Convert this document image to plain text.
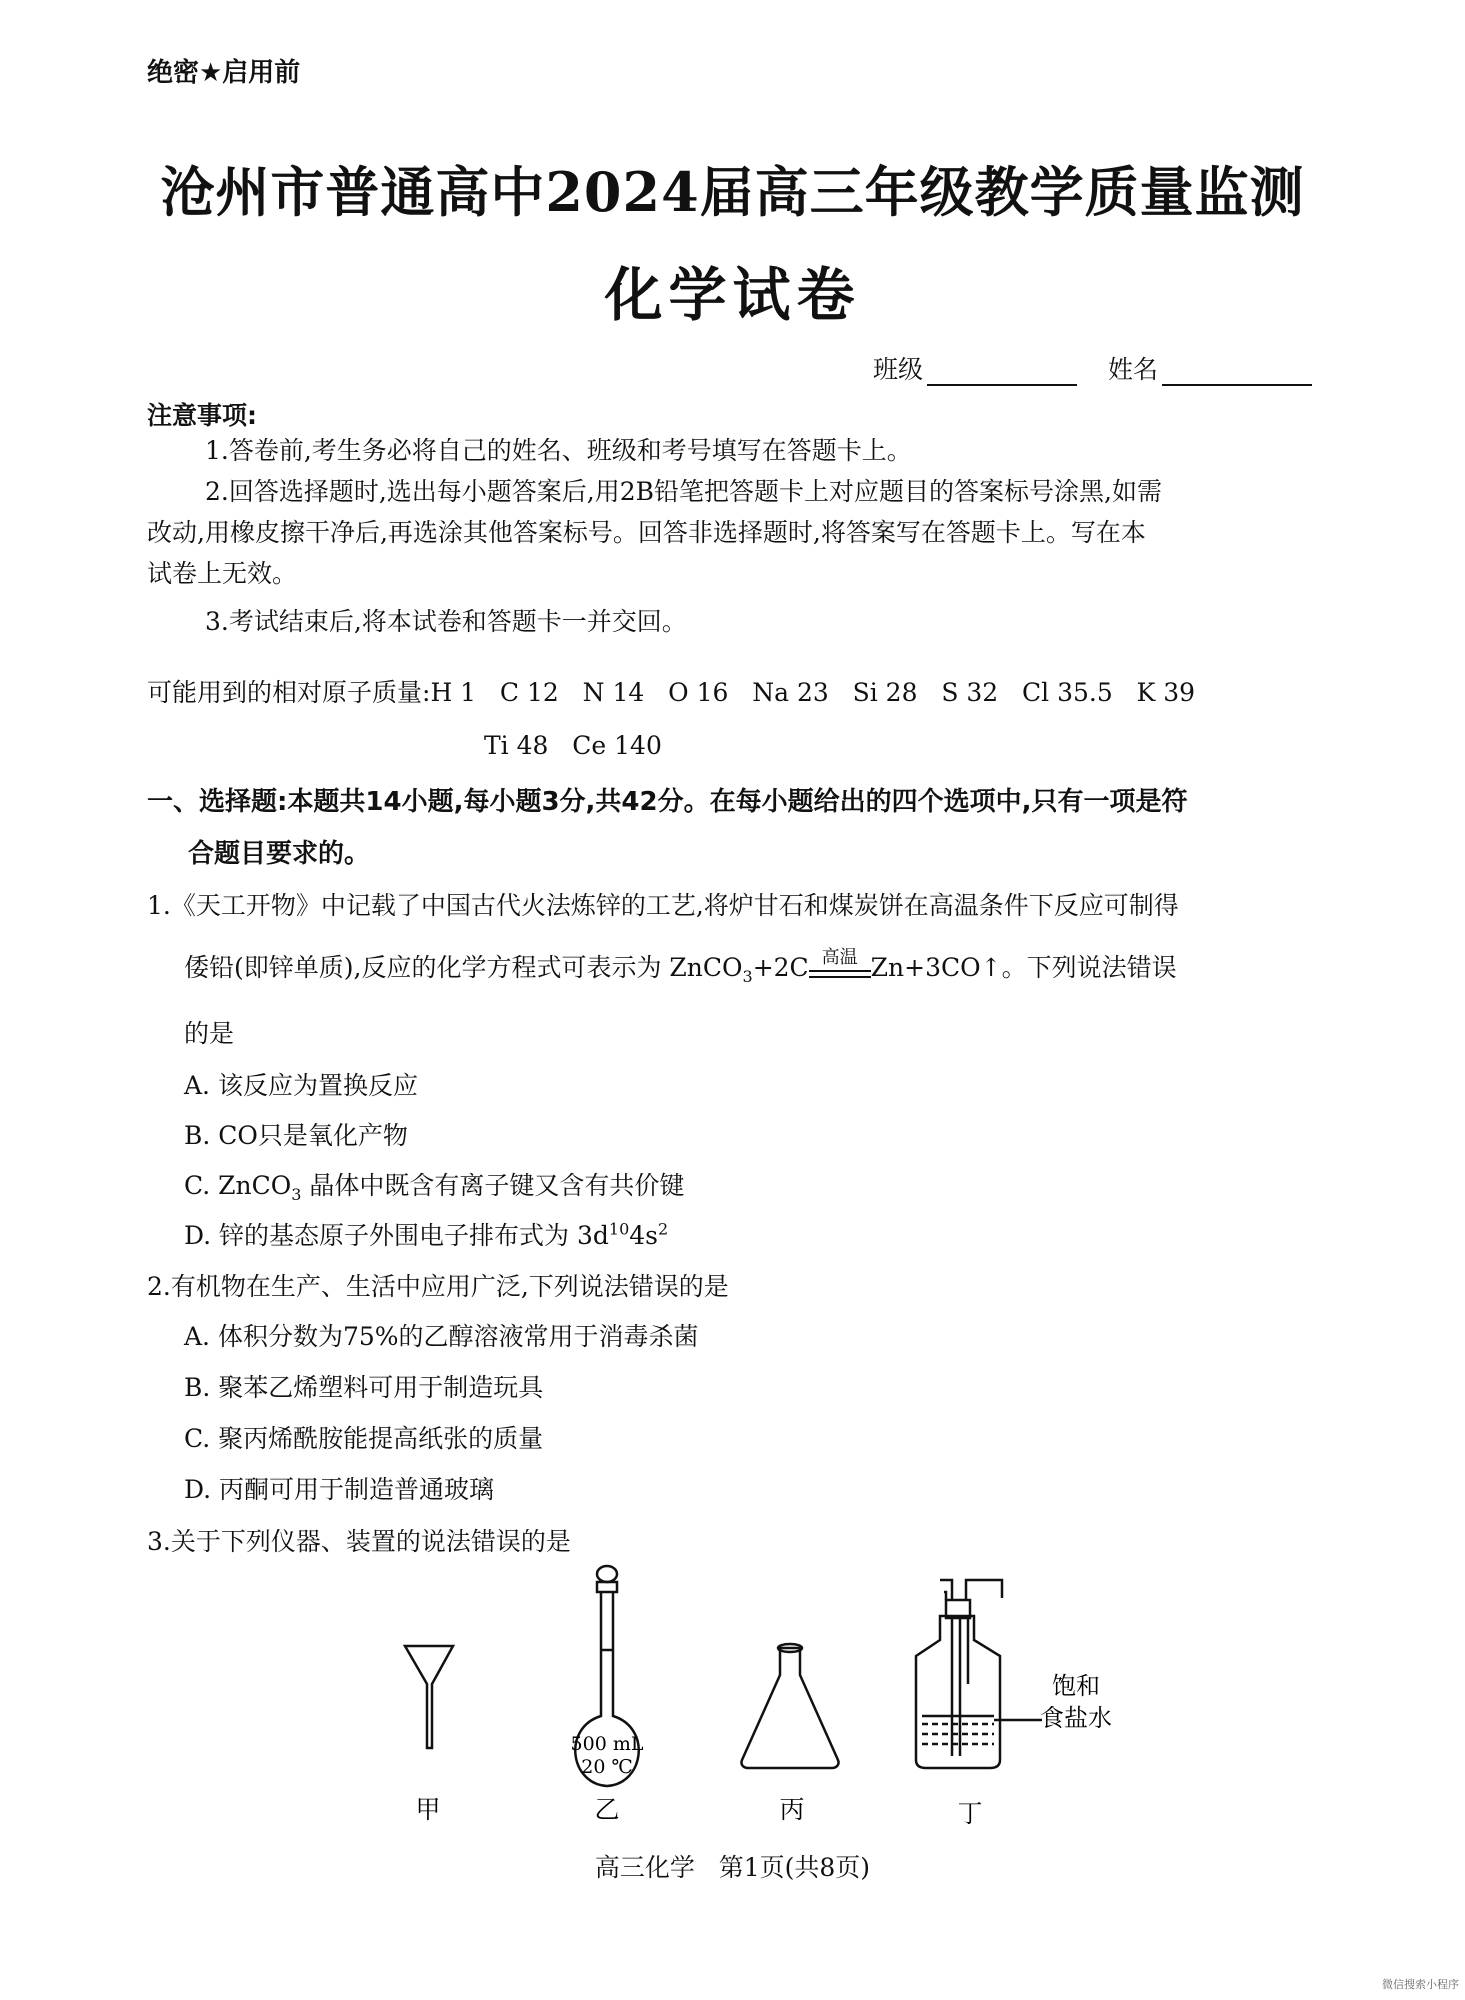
绝密★启用前
沧州市普通高中2024届高三年级教学质量监测
化学试卷
班级	姓名
注意事项:
1.答卷前,考生务必将自己的姓名、班级和考号填写在答题卡上。
2.回答选择题时,选出每小题答案后,用2B铅笔把答题卡上对应题目的答案标号涂黑,如需
改动,用橡皮擦干净后,再选涂其他答案标号。回答非选择题时,将答案写在答题卡上。写在本
试卷上无效。
3.考试结束后,将本试卷和答题卡一并交回。
可能用到的相对原子质量:H 1   C 12   N 14   O 16   Na 23   Si 28   S 32   Cl 35.5   K 39
Ti 48   Ce 140
一、选择题:本题共14小题,每小题3分,共42分。在每小题给出的四个选项中,只有一项是符
合题目要求的。
1.《天工开物》中记载了中国古代火法炼锌的工艺,将炉甘石和煤炭饼在高温条件下反应可制得
倭铅(即锌单质),反应的化学方程式可表示为 ZnCO$_3$+2C 高温 Zn+3CO↑。下列说法错误
的是
A. 该反应为置换反应
B. CO只是氧化产物
C. ZnCO$_3$ 晶体中既含有离子键又含有共价键
D. 锌的基态原子外围电子排布式为 $3d^{10}4s^2$
2.有机物在生产、生活中应用广泛,下列说法错误的是
A. 体积分数为75%的乙醇溶液常用于消毒杀菌
B. 聚苯乙烯塑料可用于制造玩具
C. 聚丙烯酰胺能提高纸张的质量
D. 丙酮可用于制造普通玻璃
3.关于下列仪器、装置的说法错误的是
500 mL
20 ℃
饱和
食盐水
甲	乙	丙	丁
高三化学   第1页(共8页)
微信搜索小程序
